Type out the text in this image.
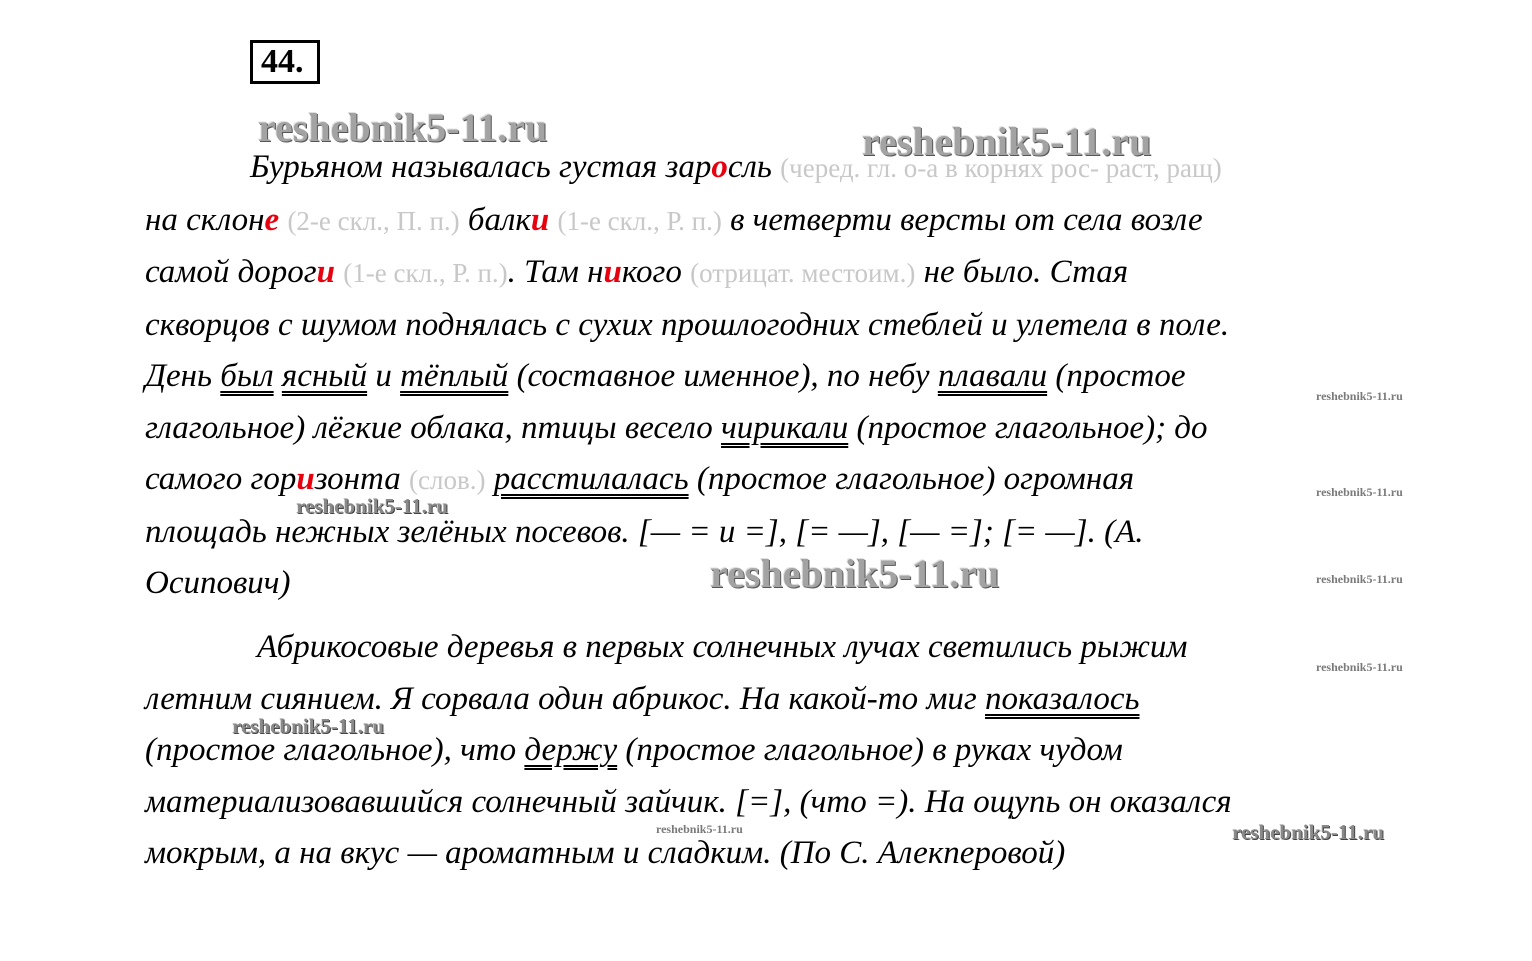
44.
reshebnik5-11.ru	reshebnik5-11.ru
reshebnik5-11.ru
reshebnik5-11.ru
reshebnik5-11.ru
reshebnik5-11.ru
reshebnik5-11.ru
reshebnik5-11.ru
reshebnik5-11.ru
reshebnik5-11.ru
reshebnik5-11.ru
Бурьяном называлась густая заросль (черед. гл. о-а в корнях рос- раст, ращ)
на склоне (2-е скл., П. п.) балки (1-е скл., Р. п.) в четверти версты от села возле
самой дороги (1-е скл., Р. п.). Там никого (отрицат. местоим.) не было. Стая
скворцов с шумом поднялась с сухих прошлогодних стеблей и улетела в поле.
День был ясный и тёплый (составное именное), по небу плавали (простое
глагольное) лёгкие облака, птицы весело чирикали (простое глагольное); до
самого горизонта (слов.) расстилалась (простое глагольное) огромная
площадь нежных зелёных посевов. [— = и =], [= —], [— =]; [= —]. (А.
Осипович)
Абрикосовые деревья в первых солнечных лучах светились рыжим
летним сиянием. Я сорвала один абрикос. На какой-то миг показалось
(простое глагольное), что держу (простое глагольное) в руках чудом
материализовавшийся солнечный зайчик. [=], (что =). На ощупь он оказался
мокрым, а на вкус — ароматным и сладким. (По С. Алекперовой)
